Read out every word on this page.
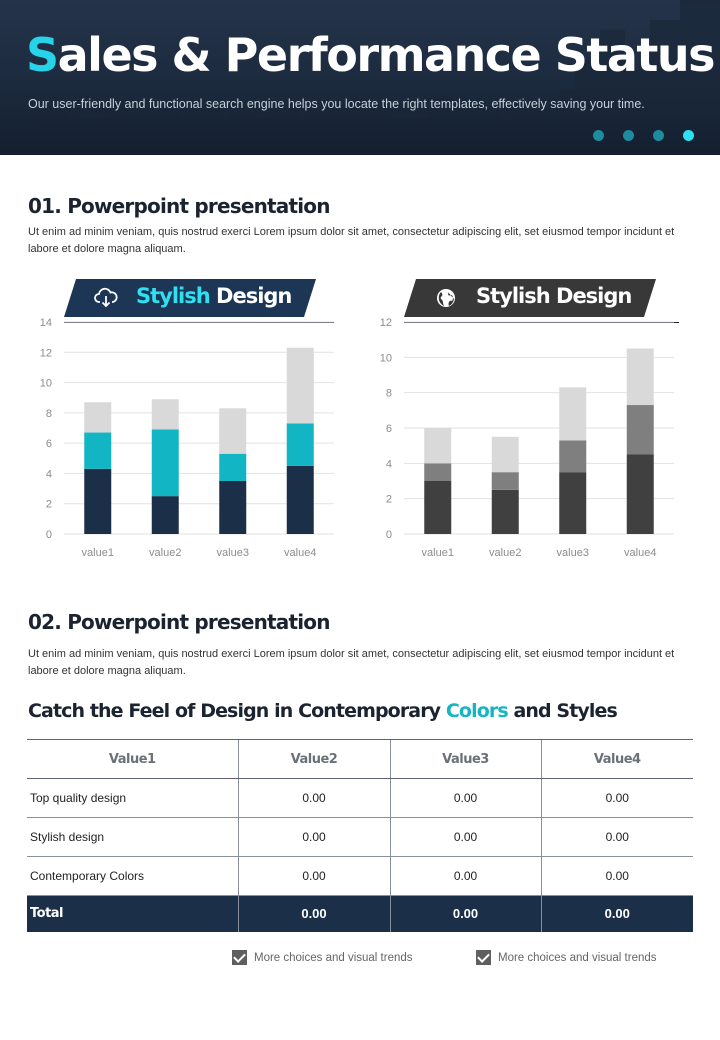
Sales & Performance Status
Our user-friendly and functional search engine helps you locate the right templates, effectively saving your time.
01. Powerpoint presentation
Ut enim ad minim veniam, quis nostrud exerci Lorem ipsum dolor sit amet, consectetur adipiscing elit, set eiusmod tempor incidunt et labore et dolore magna aliquam.
Stylish Design	Stylish Design
0
2
4
6
8
10
12
14
value1	value2	value3	value4
0
2
4
6
8
10
12
value1	value2	value3	value4
02. Powerpoint presentation
Ut enim ad minim veniam, quis nostrud exerci Lorem ipsum dolor sit amet, consectetur adipiscing elit, set eiusmod tempor incidunt et labore et dolore magna aliquam.
Catch the Feel of Design in Contemporary Colors and Styles
Value1	Value2	Value3	Value4
Top quality design	0.00	0.00	0.00
Stylish design	0.00	0.00	0.00
Contemporary Colors	0.00	0.00	0.00
Total	0.00	0.00	0.00
More choices and visual trends	More choices and visual trends
